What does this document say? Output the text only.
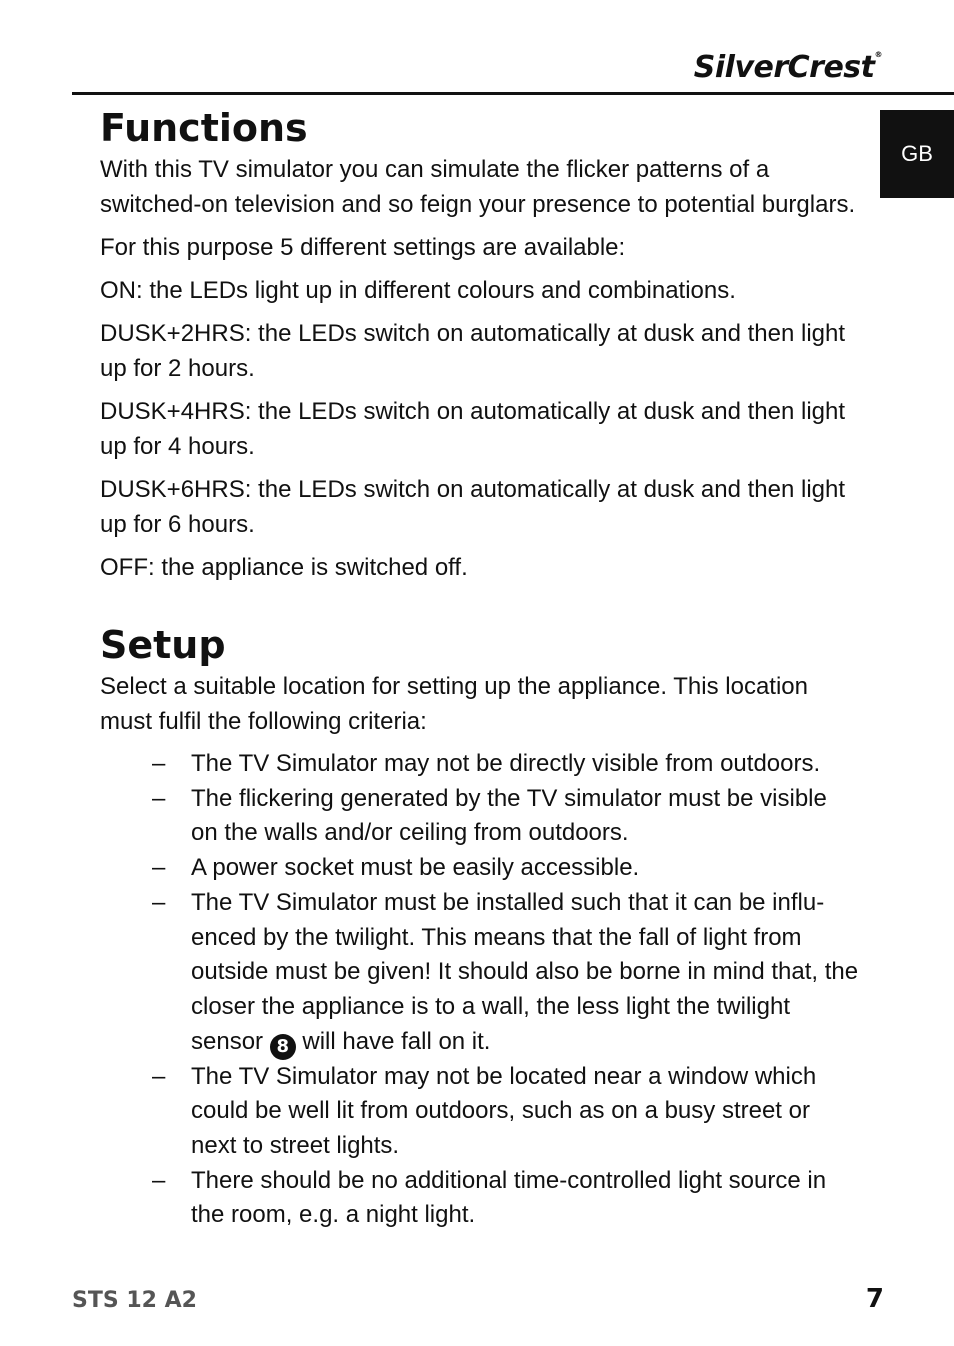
SilverCrest®
GB
Functions

With this TV simulator you can simulate the flicker patterns of a switched-on television and so feign your presence to potential burglars.

For this purpose 5 different settings are available:

ON: the LEDs light up in different colours and combinations.

DUSK+2HRS: the LEDs switch on automatically at dusk and then light up for 2 hours.

DUSK+4HRS: the LEDs switch on automatically at dusk and then light up for 4 hours.

DUSK+6HRS: the LEDs switch on automatically at dusk and then light up for 6 hours.

OFF: the appliance is switched off.

Setup

Select a suitable location for setting up the appliance. This location must fulfil the following criteria:

– The TV Simulator may not be directly visible from outdoors.
– The flickering generated by the TV simulator must be visible on the walls and/or ceiling from outdoors.
– A power socket must be easily accessible.
– The TV Simulator must be installed such that it can be influ-enced by the twilight. This means that the fall of light from outside must be given! It should also be borne in mind that, the closer the appliance is to a wall, the less light the twilight sensor 8 will have fall on it.
– The TV Simulator may not be located near a window which could be well lit from outdoors, such as on a busy street or next to street lights.
– There should be no additional time-controlled light source in the room, e.g. a night light.
STS 12 A2	7
